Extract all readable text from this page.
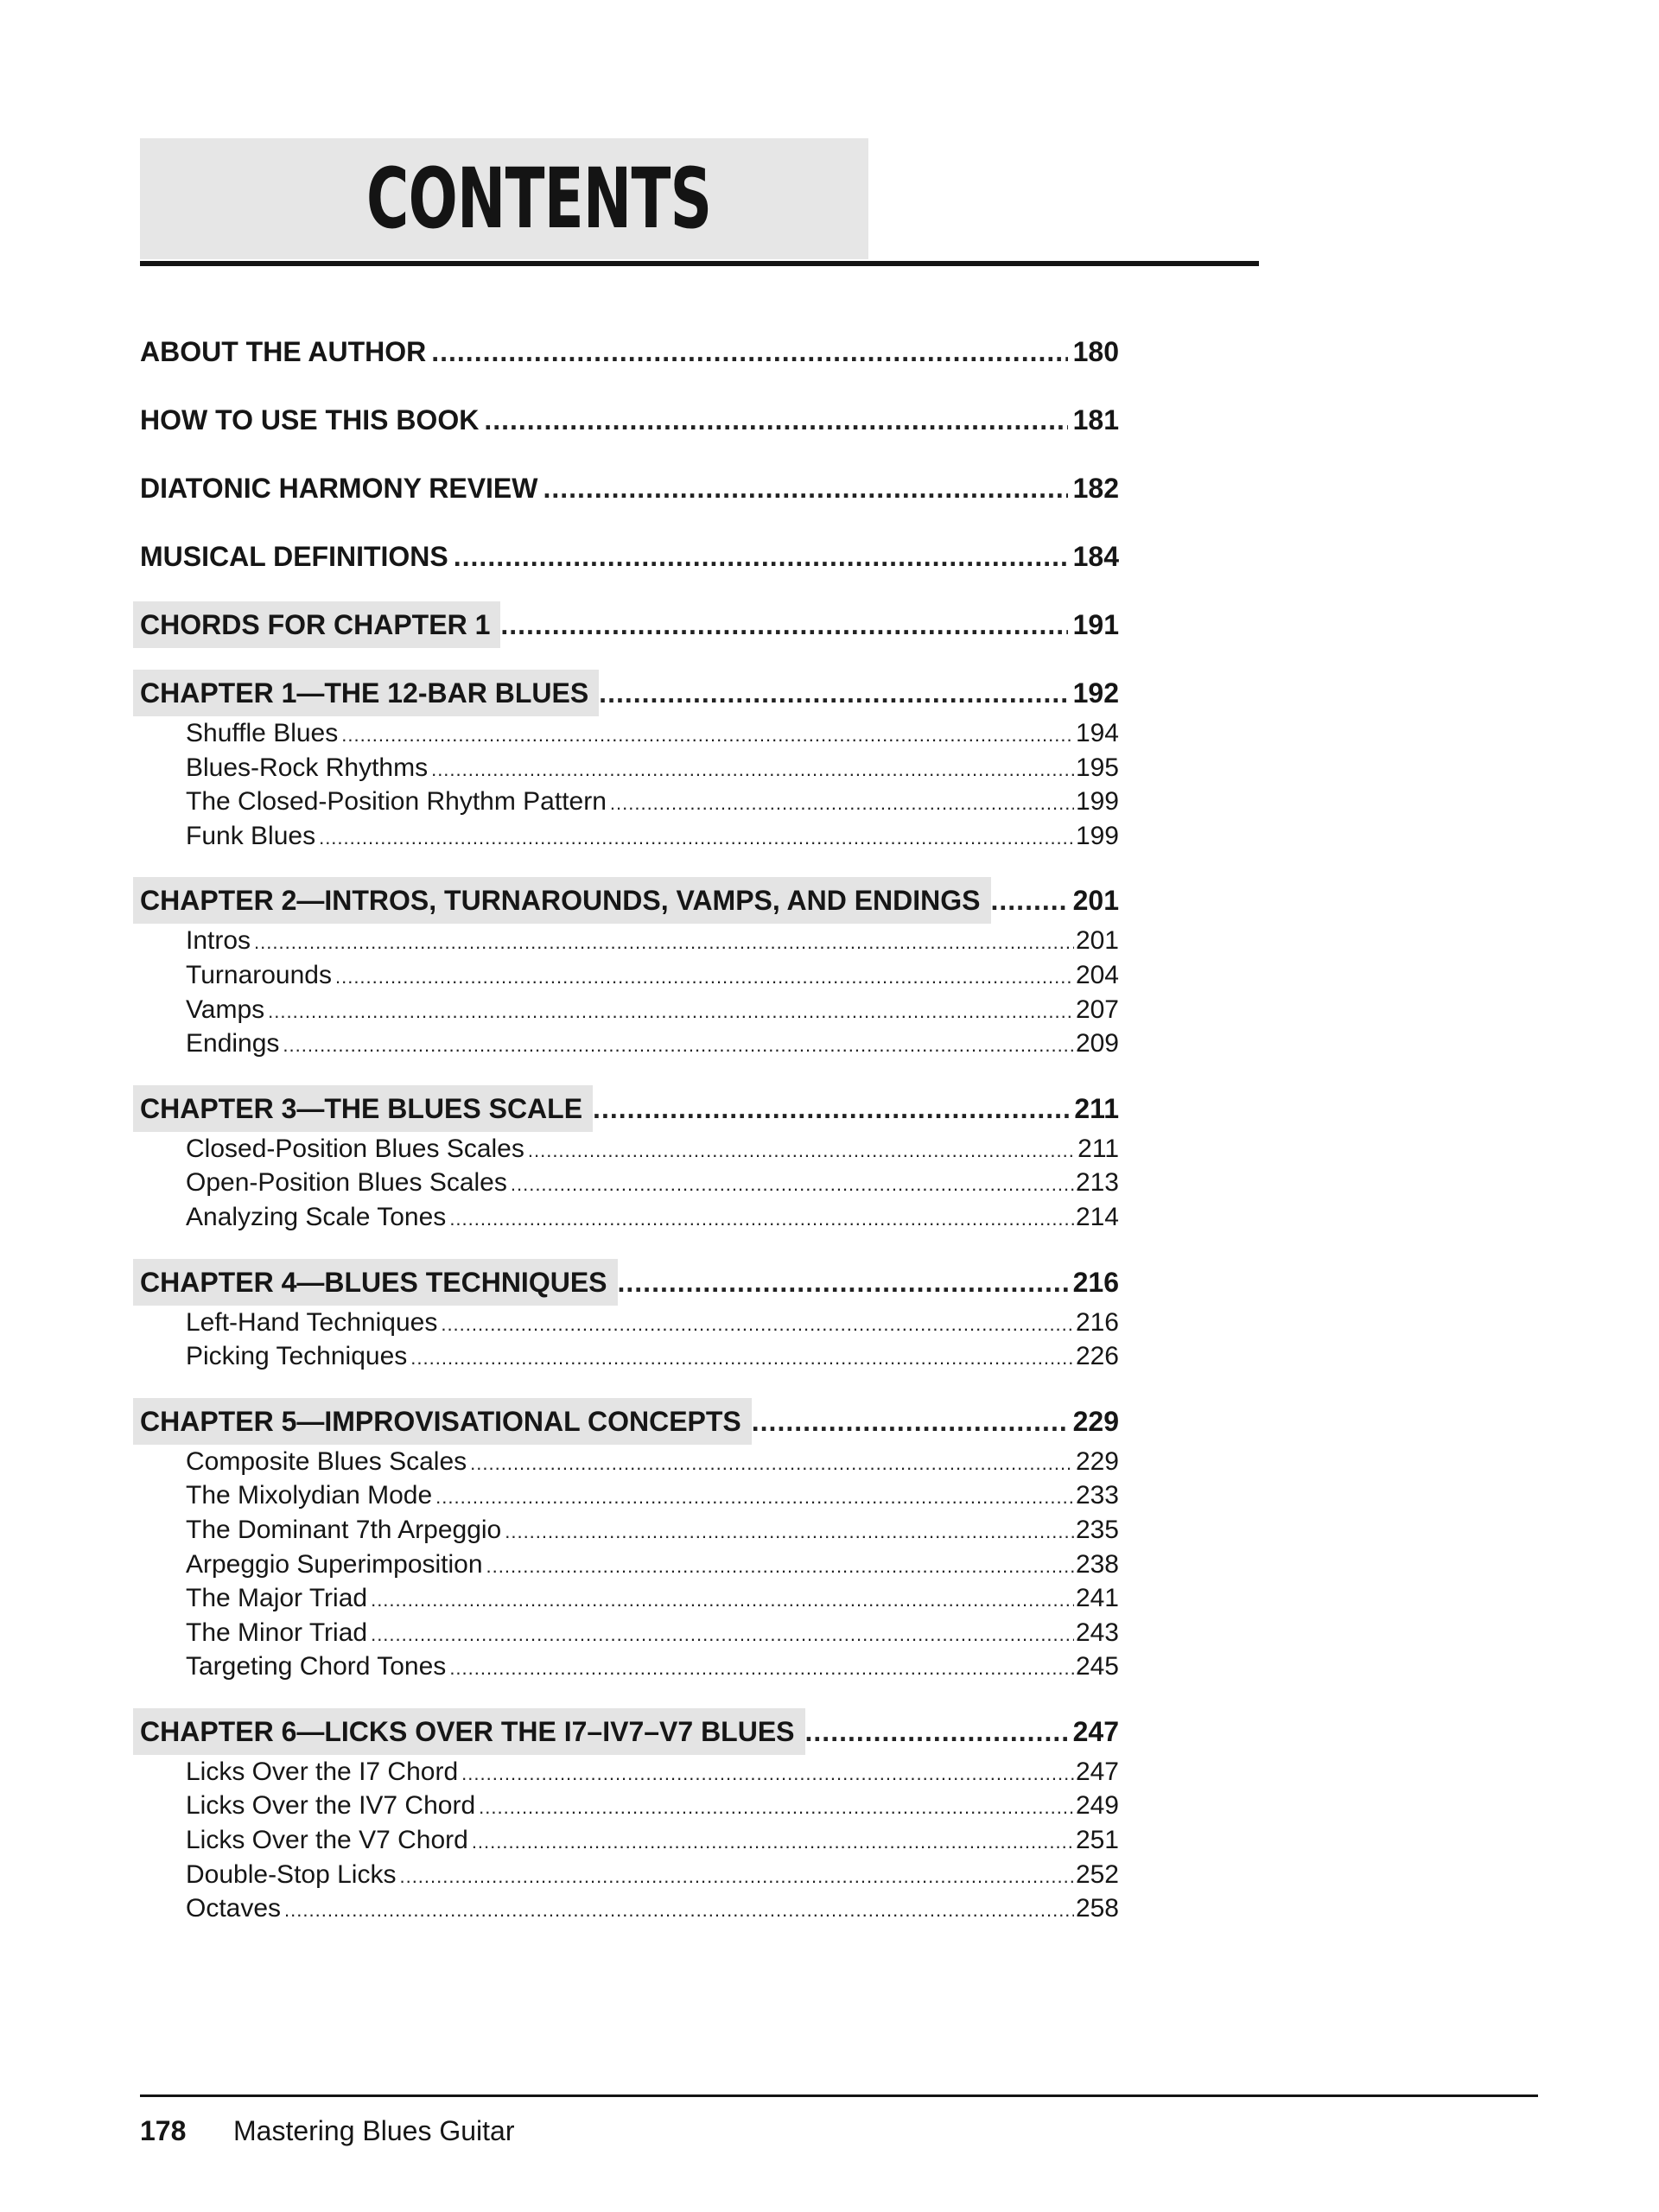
CONTENTS
ABOUT THE AUTHOR .....	180
HOW TO USE THIS BOOK .....	181
DIATONIC HARMONY REVIEW .....	182
MUSICAL DEFINITIONS .....	184
CHORDS FOR CHAPTER 1 .....	191
CHAPTER 1—THE 12-BAR BLUES .....	192
Shuffle Blues .....	194
Blues-Rock Rhythms .....	195
The Closed-Position Rhythm Pattern .....	199
Funk Blues .....	199
CHAPTER 2—INTROS, TURNAROUNDS, VAMPS, AND ENDINGS .....	201
Intros .....	201
Turnarounds .....	204
Vamps .....	207
Endings .....	209
CHAPTER 3—THE BLUES SCALE .....	211
Closed-Position Blues Scales .....	211
Open-Position Blues Scales .....	213
Analyzing Scale Tones .....	214
CHAPTER 4—BLUES TECHNIQUES .....	216
Left-Hand Techniques .....	216
Picking Techniques .....	226
CHAPTER 5—IMPROVISATIONAL CONCEPTS .....	229
Composite Blues Scales .....	229
The Mixolydian Mode .....	233
The Dominant 7th Arpeggio .....	235
Arpeggio Superimposition .....	238
The Major Triad .....	241
The Minor Triad .....	243
Targeting Chord Tones .....	245
CHAPTER 6—LICKS OVER THE I7–IV7–V7 BLUES .....	247
Licks Over the I7 Chord .....	247
Licks Over the IV7 Chord .....	249
Licks Over the V7 Chord .....	251
Double-Stop Licks .....	252
Octaves .....	258
178	Mastering Blues Guitar
